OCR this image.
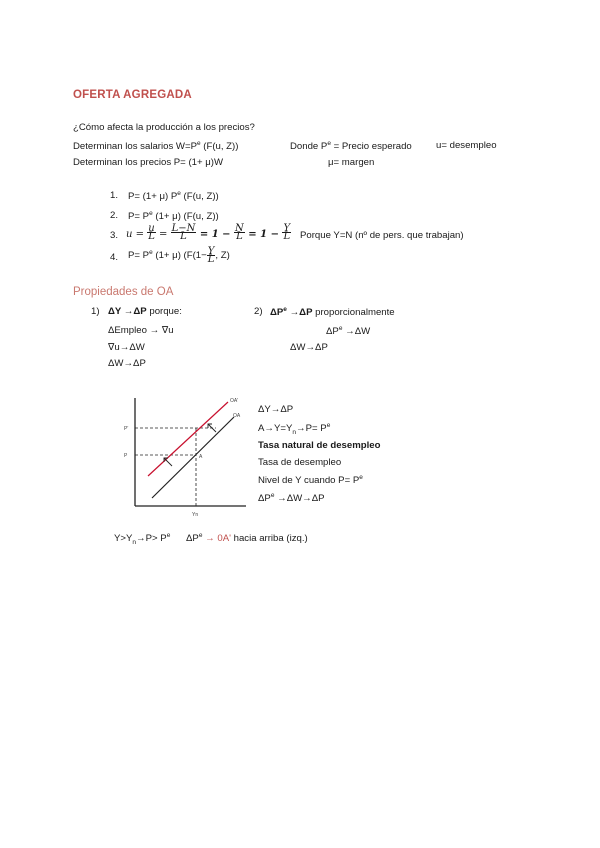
OFERTA AGREGADA
¿Cómo afecta la producción a los precios?
Determinan los salarios $W=P^e$ (F(u, Z))	Donde $P^e$ = Precio esperado	u= desempleo
Determinan los precios P= (1+ μ)W	μ= margen
1. P= (1+ μ) $P^e$ (F(u, Z))
2. $P= P^e$ (1+ μ) (F(u, Z))
3. $u = \frac{u}{L} = \frac{L-N}{L} = 1 - \frac{N}{L} = 1 - \frac{Y}{L}$ Porque Y=N (nº de pers. que trabajan)
4. $P= P^e$ (1+ μ) ($F(1- \frac{Y}{L}$ , Z)
Propiedades de OA
1) ΔY →ΔP porque:
ΔEmpleo → ∇u
∇u→ΔW
ΔW→ΔP
2) $\Delta P^e \to\Delta P$ proporcionalmente
$\Delta P^e \to\Delta W$
ΔW→ΔP
OA'
OA
P'
P	A
Yn
ΔY→ΔP
$A\to Y=Y_n\to P= P^e$
Tasa natural de desempleo
Tasa de desempleo
Nivel de Y cuando $P= P^e$
$\Delta P^e \to\Delta W\to\Delta P$
$Y>Y_n\to P> P^e$ $\Delta P^e \to 0A'$ hacia arriba (izq.)
